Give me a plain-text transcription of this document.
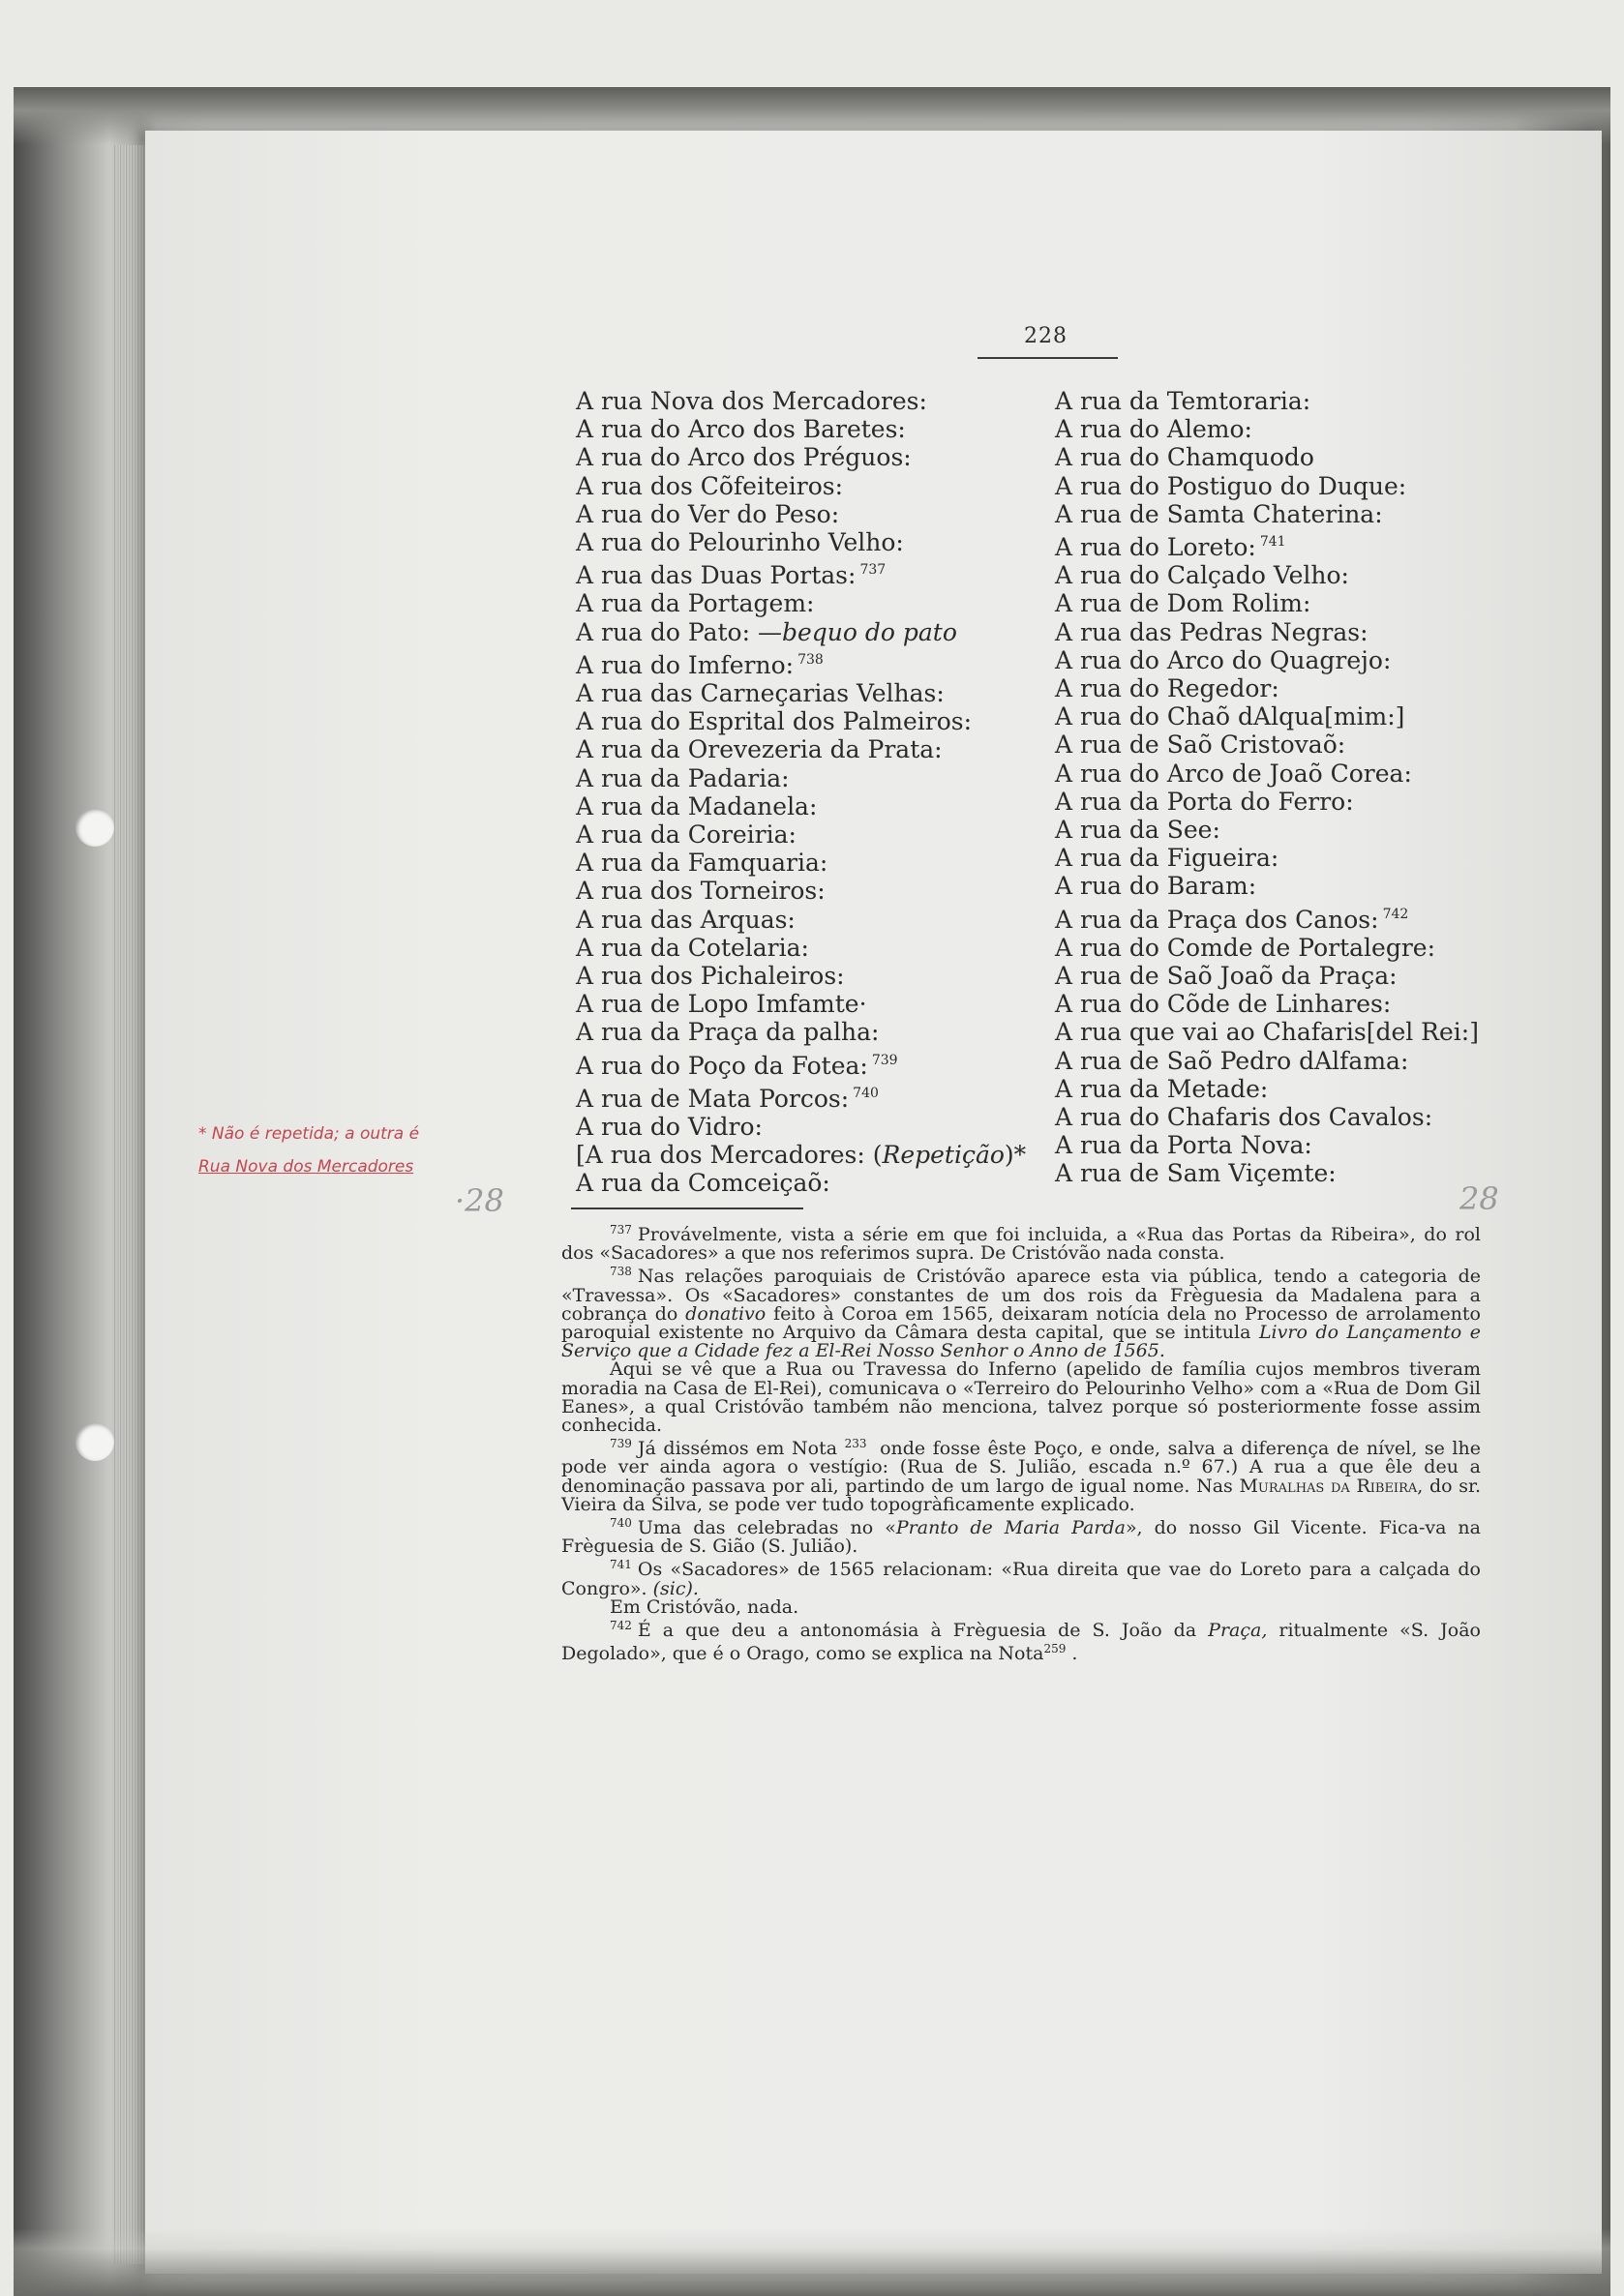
228
A rua Nova dos Mercadores:
A rua do Arco dos Baretes:
A rua do Arco dos Préguos:
A rua dos Cõfeiteiros:
A rua do Ver do Peso:
A rua do Pelourinho Velho:
A rua das Duas Portas: $^{737}$
A rua da Portagem:
A rua do Pato: —bequo do pato
A rua do Imferno: $^{738}$
A rua das Carneçarias Velhas:
A rua do Esprital dos Palmeiros:
A rua da Orevezeria da Prata:
A rua da Padaria:
A rua da Madanela:
A rua da Coreiria:
A rua da Famquaria:
A rua dos Torneiros:
A rua das Arquas:
A rua da Cotelaria:
A rua dos Pichaleiros:
A rua de Lopo Imfamte·
A rua da Praça da palha:
A rua do Poço da Fotea: $^{739}$
A rua de Mata Porcos: $^{740}$
A rua do Vidro:
[A rua dos Mercadores: (Repetição)*
A rua da Comceiçaõ:
A rua da Temtoraria:
A rua do Alemo:
A rua do Chamquodo
A rua do Postiguo do Duque:
A rua de Samta Chaterina:
A rua do Loreto: $^{741}$
A rua do Calçado Velho:
A rua de Dom Rolim:
A rua das Pedras Negras:
A rua do Arco do Quagrejo:
A rua do Regedor:
A rua do Chaõ dAlqua[mim:]
A rua de Saõ Cristovaõ:
A rua do Arco de Joaõ Corea:
A rua da Porta do Ferro:
A rua da See:
A rua da Figueira:
A rua do Baram:
A rua da Praça dos Canos: $^{742}$
A rua do Comde de Portalegre:
A rua de Saõ Joaõ da Praça:
A rua do Cõde de Linhares:
A rua que vai ao Chafaris[del Rei:]
A rua de Saõ Pedro dAlfama:
A rua da Metade:
A rua do Chafaris dos Cavalos:
A rua da Porta Nova:
A rua de Sam Viçemte:
* Não é repetida; a outra é
Rua Nova dos Mercadores
·28	28

$^{737}$ Provávelmente, vista a série em que foi incluida, a «Rua das Portas da Ribeira», do rol dos «Sacadores» a que nos referimos supra. De Cristóvão nada consta.

$^{738}$ Nas relações paroquiais de Cristóvão aparece esta via pública, tendo a categoria de «Travessa». Os «Sacadores» constantes de um dos rois da Frèguesia da Madalena para a cobrança do donativo feito à Coroa em 1565, deixaram notícia dela no Processo de arrolamento paroquial existente no Arquivo da Câmara desta capital, que se intitula Livro do Lançamento e Serviço que a Cidade fez a El-Rei Nosso Senhor o Anno de 1565.

Aqui se vê que a Rua ou Travessa do Inferno (apelido de família cujos membros tiveram moradia na Casa de El-Rei), comunicava o «Terreiro do Pelourinho Velho» com a «Rua de Dom Gil Eanes», a qual Cristóvão também não menciona, talvez porque só posteriormente fosse assim conhecida.

$^{739}$ Já dissémos em Nota $^{233}$ onde fosse êste Poço, e onde, salva a diferença de nível, se lhe pode ver ainda agora o vestígio: (Rua de S. Julião, escada n.º 67.) A rua a que êle deu a denominação passava por ali, partindo de um largo de igual nome. Nas Muralhas da Ribeira, do sr. Vieira da Silva, se pode ver tudo topogràficamente explicado.

$^{740}$ Uma das celebradas no «Pranto de Maria Parda», do nosso Gil Vicente. Fica-va na Frèguesia de S. Gião (S. Julião).

$^{741}$ Os «Sacadores» de 1565 relacionam: «Rua direita que vae do Loreto para a calçada do Congro». (sic).

Em Cristóvão, nada.

$^{742}$ É a que deu a antonomásia à Frèguesia de S. João da Praça, ritualmente «S. João Degolado», que é o Orago, como se explica na Nota$^{259}$ .
